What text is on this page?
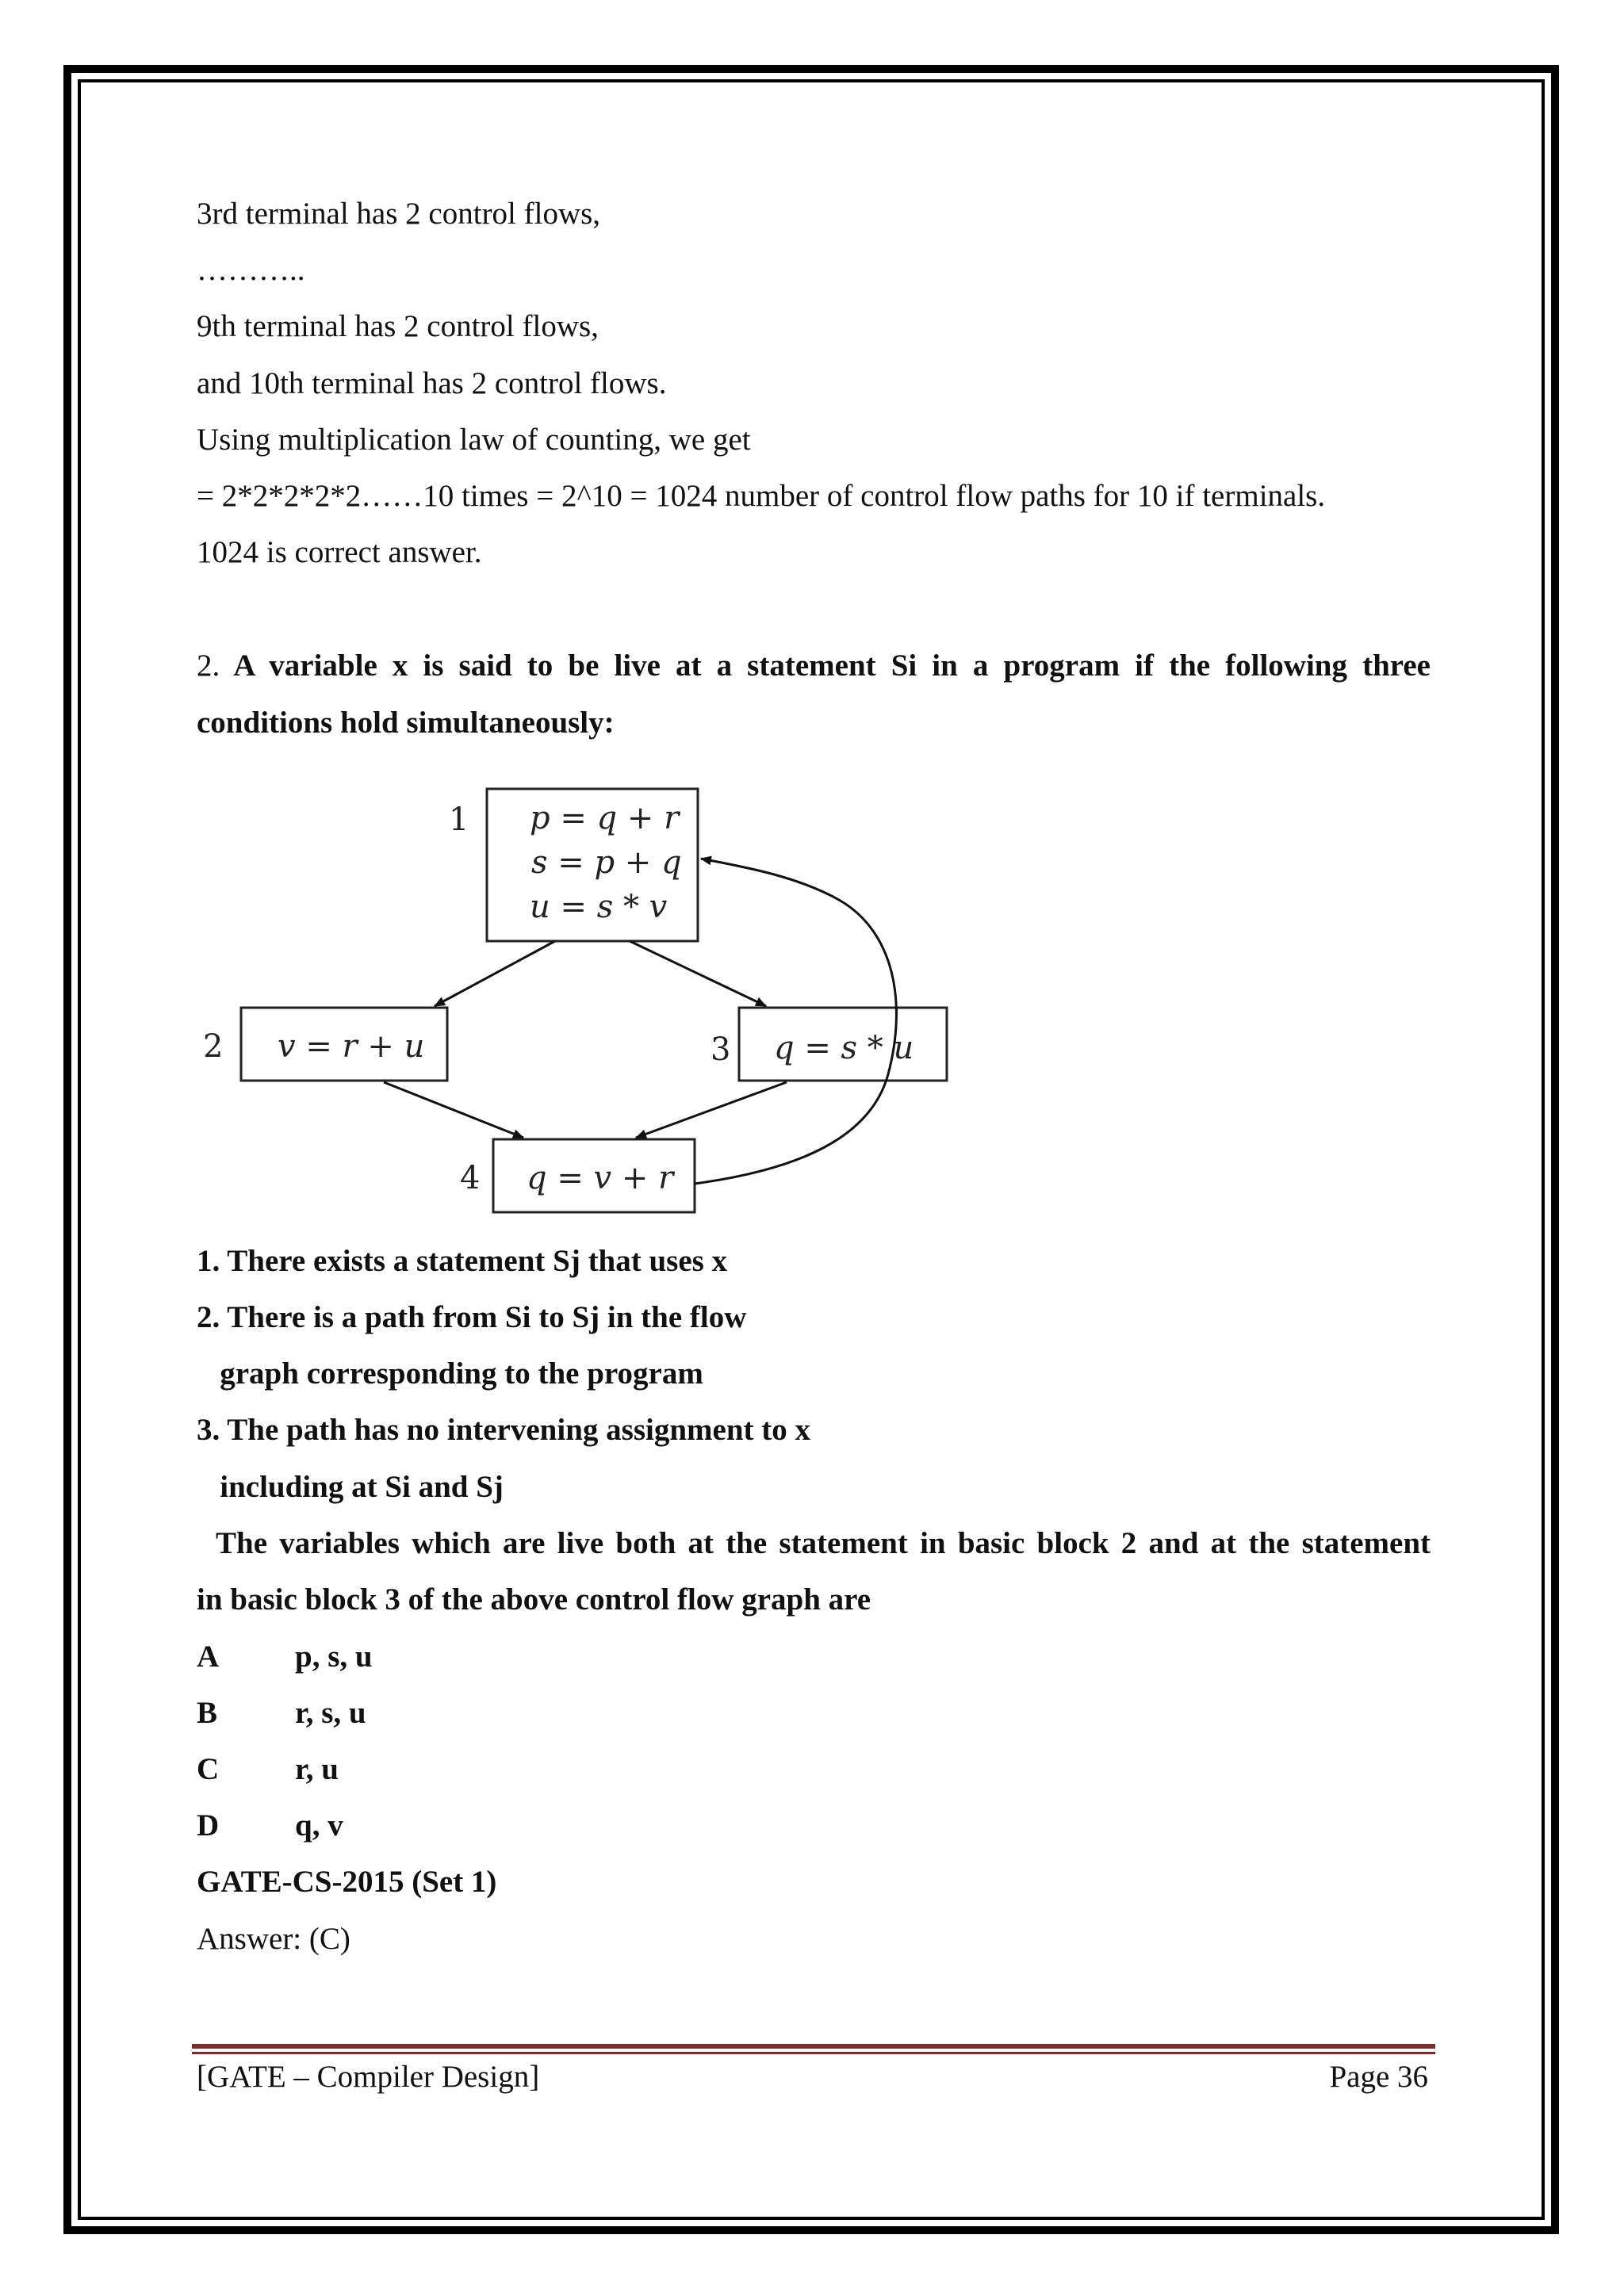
3rd terminal has 2 control flows,
………..
9th terminal has 2 control flows,
and 10th terminal has 2 control flows.
Using multiplication law of counting, we get
= 2*2*2*2*2……10 times = 2^10 = 1024 number of control flow paths for 10 if terminals.
1024 is correct answer.
2. A variable x is said to be live at a statement Si in a program if the following three
conditions hold simultaneously:
1 p = q + r
s = p + q
u = s * v
2 v = r + u	3 q = s * u
4 q = v + r
1. There exists a statement Sj that uses x
2. There is a path from Si to Sj in the flow
graph corresponding to the program
3. The path has no intervening assignment to x
including at Si and Sj
The variables which are live both at the statement in basic block 2 and at the statement
in basic block 3 of the above control flow graph are
A p, s, u
B	r, s, u
C r, u
D q, v
GATE-CS-2015 (Set 1)
Answer: (C)
[GATE – Compiler Design]	Page 36
